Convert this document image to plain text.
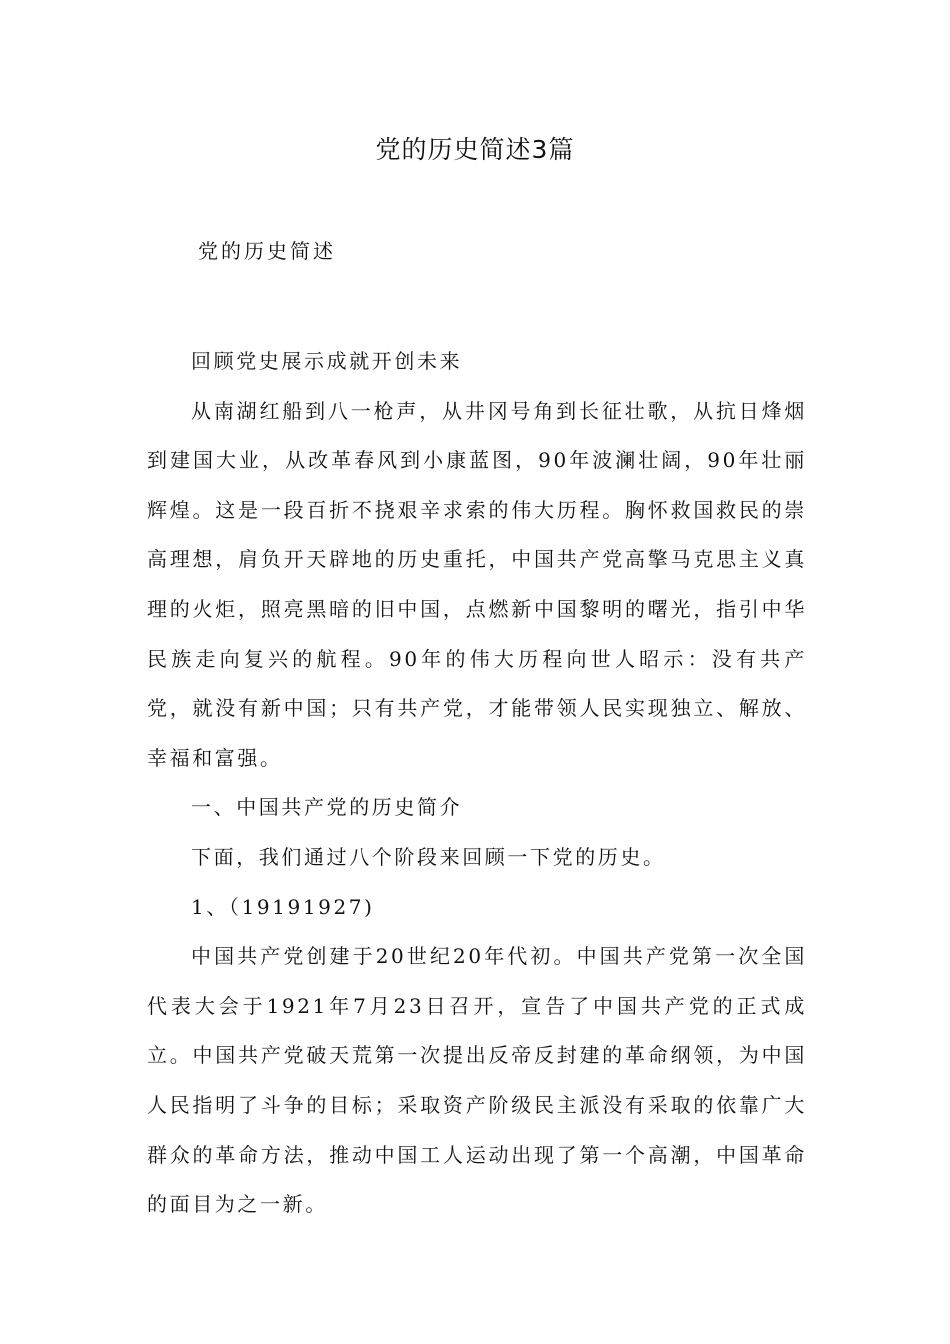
党的历史简述3篇
党的历史简述

回顾党史展示成就开创未来

从南湖红船到八一枪声，从井冈号角到长征壮歌，从抗日烽烟到建国大业，从改革春风到小康蓝图，90年波澜壮阔，90年壮丽辉煌。这是一段百折不挠艰辛求索的伟大历程。胸怀救国救民的崇高理想，肩负开天辟地的历史重托，中国共产党高擎马克思主义真理的火炬，照亮黑暗的旧中国，点燃新中国黎明的曙光，指引中华民族走向复兴的航程。90年的伟大历程向世人昭示：没有共产党，就没有新中国；只有共产党，才能带领人民实现独立、解放、幸福和富强。

一、中国共产党的历史简介

下面，我们通过八个阶段来回顾一下党的历史。

1、（19191927)

中国共产党创建于20世纪20年代初。中国共产党第一次全国代表大会于1921年7月23日召开，宣告了中国共产党的正式成立。中国共产党破天荒第一次提出反帝反封建的革命纲领，为中国人民指明了斗争的目标；采取资产阶级民主派没有采取的依靠广大群众的革命方法，推动中国工人运动出现了第一个高潮，中国革命的面目为之一新。
